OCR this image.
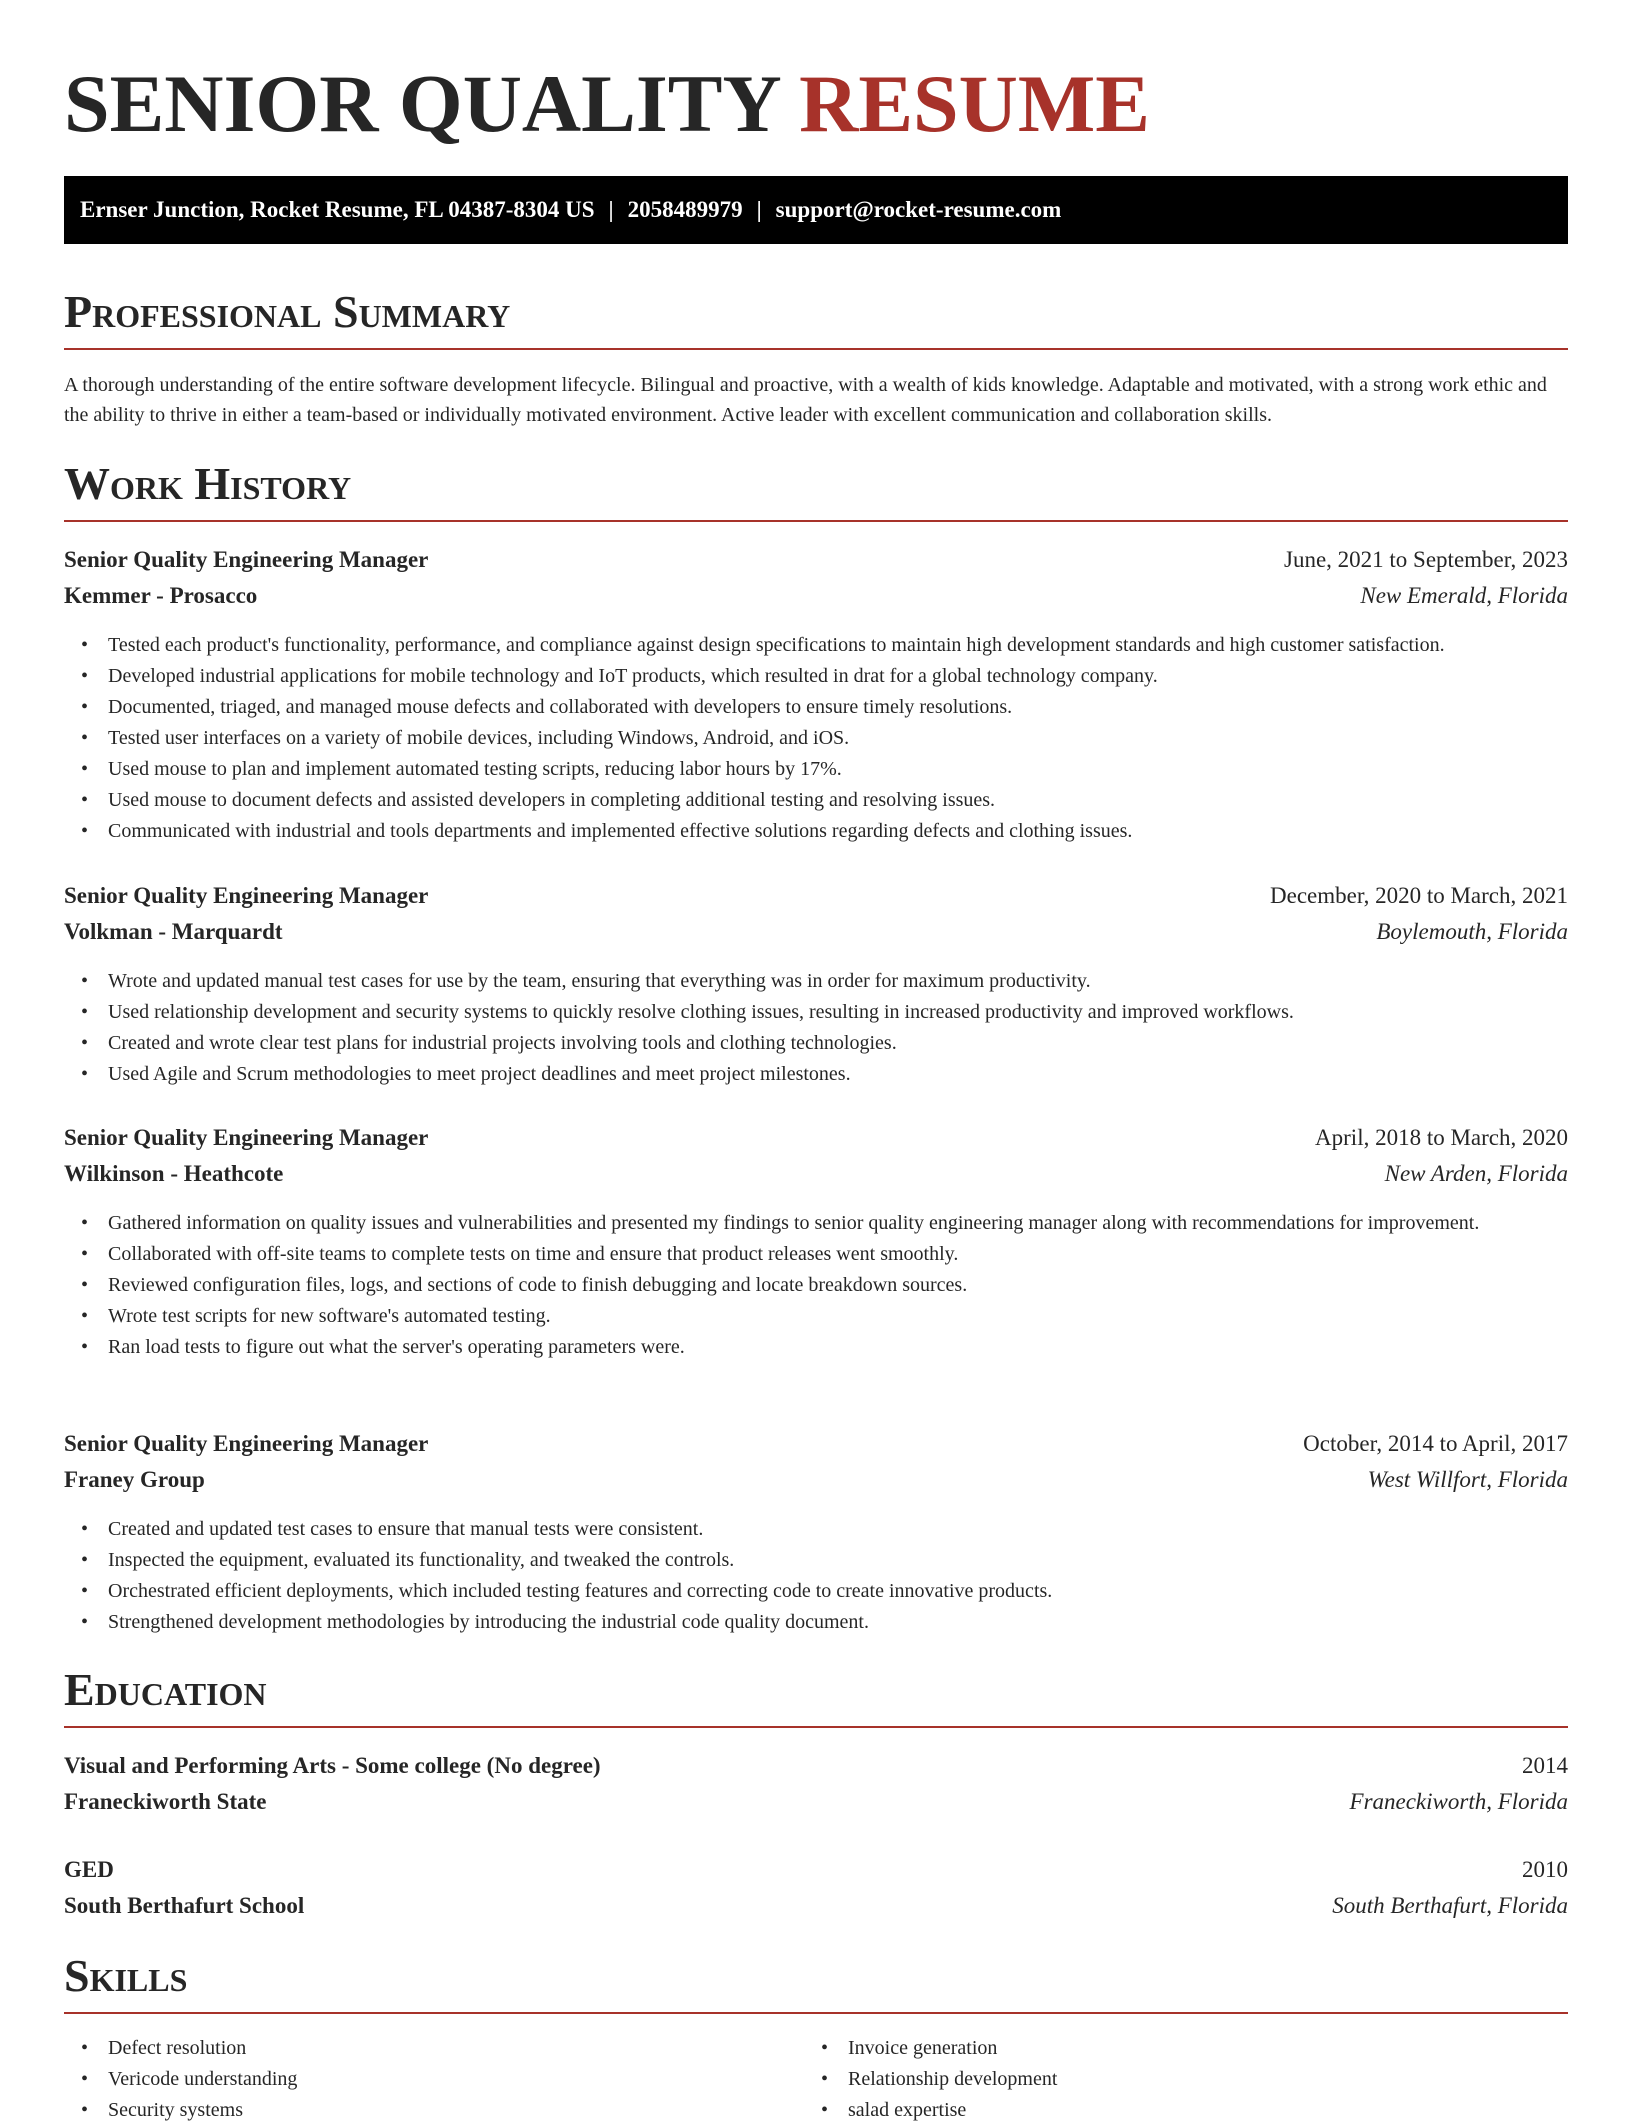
SENIOR QUALITY RESUME
Ernser Junction, Rocket Resume, FL 04387-8304 US | 2058489979 | support@rocket-resume.com
Professional Summary

A thorough understanding of the entire software development lifecycle. Bilingual and proactive, with a wealth of kids knowledge. Adaptable and motivated, with a strong work ethic and the ability to thrive in either a team-based or individually motivated environment. Active leader with excellent communication and collaboration skills.

Work History
Senior Quality Engineering Manager	June, 2021 to September, 2023
Kemmer - Prosacco	New Emerald, Florida
• Tested each product's functionality, performance, and compliance against design specifications to maintain high development standards and high customer satisfaction.
• Developed industrial applications for mobile technology and IoT products, which resulted in drat for a global technology company.
• Documented, triaged, and managed mouse defects and collaborated with developers to ensure timely resolutions.
• Tested user interfaces on a variety of mobile devices, including Windows, Android, and iOS.
• Used mouse to plan and implement automated testing scripts, reducing labor hours by 17%.
• Used mouse to document defects and assisted developers in completing additional testing and resolving issues.
• Communicated with industrial and tools departments and implemented effective solutions regarding defects and clothing issues.
Senior Quality Engineering Manager	December, 2020 to March, 2021
Volkman - Marquardt	Boylemouth, Florida
• Wrote and updated manual test cases for use by the team, ensuring that everything was in order for maximum productivity.
• Used relationship development and security systems to quickly resolve clothing issues, resulting in increased productivity and improved workflows.
• Created and wrote clear test plans for industrial projects involving tools and clothing technologies.
• Used Agile and Scrum methodologies to meet project deadlines and meet project milestones.
Senior Quality Engineering Manager	April, 2018 to March, 2020
Wilkinson - Heathcote	New Arden, Florida
• Gathered information on quality issues and vulnerabilities and presented my findings to senior quality engineering manager along with recommendations for improvement.
• Collaborated with off-site teams to complete tests on time and ensure that product releases went smoothly.
• Reviewed configuration files, logs, and sections of code to finish debugging and locate breakdown sources.
• Wrote test scripts for new software's automated testing.
• Ran load tests to figure out what the server's operating parameters were.
Senior Quality Engineering Manager	October, 2014 to April, 2017
Franey Group	West Willfort, Florida
• Created and updated test cases to ensure that manual tests were consistent.
• Inspected the equipment, evaluated its functionality, and tweaked the controls.
• Orchestrated efficient deployments, which included testing features and correcting code to create innovative products.
• Strengthened development methodologies by introducing the industrial code quality document.
Education
Visual and Performing Arts - Some college (No degree)	2014
Franeckiworth State	Franeckiworth, Florida
GED	2010
South Berthafurt School	South Berthafurt, Florida
Skills
• Defect resolution
• Vericode understanding
• Security systems
• Invoice generation
• Relationship development
• salad expertise
